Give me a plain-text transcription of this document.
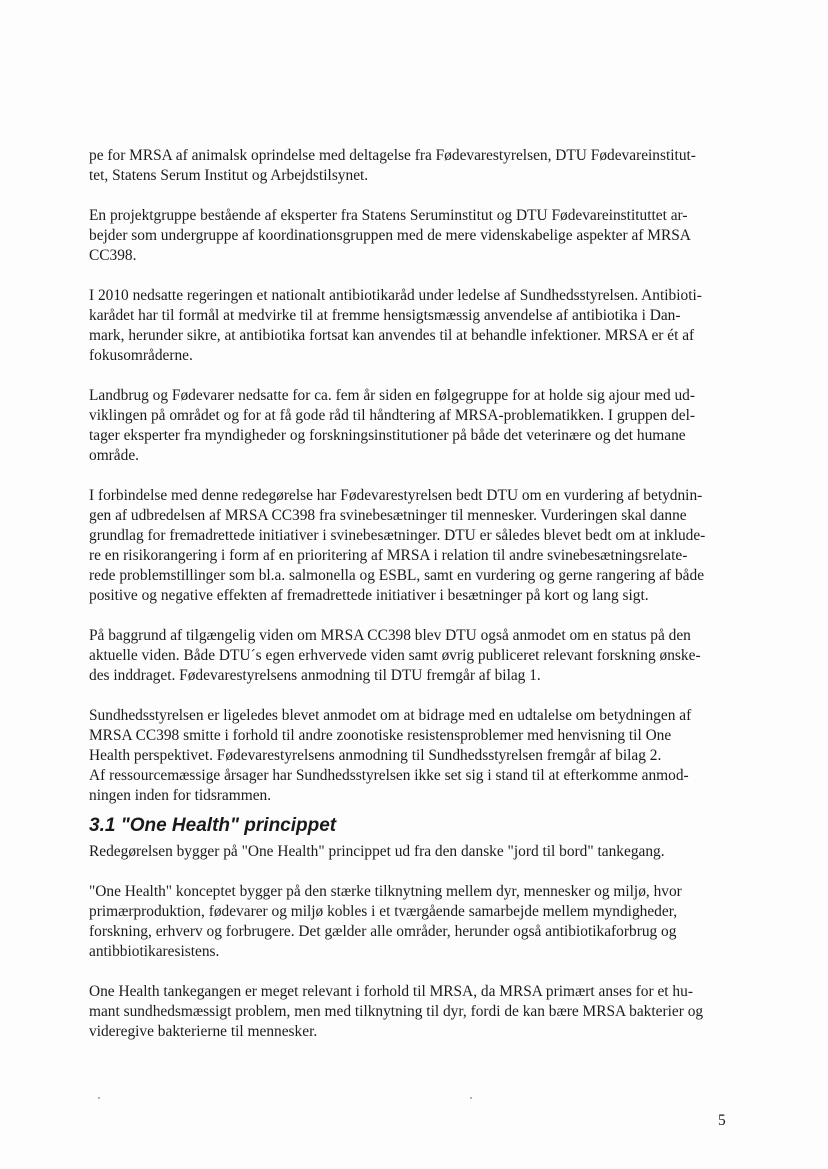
pe for MRSA af animalsk oprindelse med deltagelse fra Fødevarestyrelsen, DTU Fødevareinstitut-
tet, Statens Serum Institut og Arbejdstilsynet.

En projektgruppe bestående af eksperter fra Statens Seruminstitut og DTU Fødevareinstituttet ar-
bejder som undergruppe af koordinationsgruppen med de mere videnskabelige aspekter af MRSA
CC398.

I 2010 nedsatte regeringen et nationalt antibiotikaråd under ledelse af Sundhedsstyrelsen. Antibioti-
karådet har til formål at medvirke til at fremme hensigtsmæssig anvendelse af antibiotika i Dan-
mark, herunder sikre, at antibiotika fortsat kan anvendes til at behandle infektioner. MRSA er ét af
fokusområderne.

Landbrug og Fødevarer nedsatte for ca. fem år siden en følgegruppe for at holde sig ajour med ud-
viklingen på området og for at få gode råd til håndtering af MRSA-problematikken. I gruppen del-
tager eksperter fra myndigheder og forskningsinstitutioner på både det veterinære og det humane
område.

I forbindelse med denne redegørelse har Fødevarestyrelsen bedt DTU om en vurdering af betydnin-
gen af udbredelsen af MRSA CC398 fra svinebesætninger til mennesker. Vurderingen skal danne
grundlag for fremadrettede initiativer i svinebesætninger. DTU er således blevet bedt om at inklude-
re en risikorangering i form af en prioritering af MRSA i relation til andre svinebesætningsrelate-
rede problemstillinger som bl.a. salmonella og ESBL, samt en vurdering og gerne rangering af både
positive og negative effekten af fremadrettede initiativer i besætninger på kort og lang sigt.

På baggrund af tilgængelig viden om MRSA CC398 blev DTU også anmodet om en status på den
aktuelle viden. Både DTU´s egen erhvervede viden samt øvrig publiceret relevant forskning ønske-
des inddraget. Fødevarestyrelsens anmodning til DTU fremgår af bilag 1.

Sundhedsstyrelsen er ligeledes blevet anmodet om at bidrage med en udtalelse om betydningen af
MRSA CC398 smitte i forhold til andre zoonotiske resistensproblemer med henvisning til One
Health perspektivet. Fødevarestyrelsens anmodning til Sundhedsstyrelsen fremgår af bilag 2.
Af ressourcemæssige årsager har Sundhedsstyrelsen ikke set sig i stand til at efterkomme anmod-
ningen inden for tidsrammen.

3.1 "One Health" princippet

Redegørelsen bygger på "One Health" princippet ud fra den danske "jord til bord" tankegang.

"One Health" konceptet bygger på den stærke tilknytning mellem dyr, mennesker og miljø, hvor
primærproduktion, fødevarer og miljø kobles i et tværgående samarbejde mellem myndigheder,
forskning, erhverv og forbrugere. Det gælder alle områder, herunder også antibiotikaforbrug og
antibbiotikaresistens.

One Health tankegangen er meget relevant i forhold til MRSA, da MRSA primært anses for et hu-
mant sundhedsmæssigt problem, men med tilknytning til dyr, fordi de kan bære MRSA bakterier og
videregive bakterierne til mennesker.

5
